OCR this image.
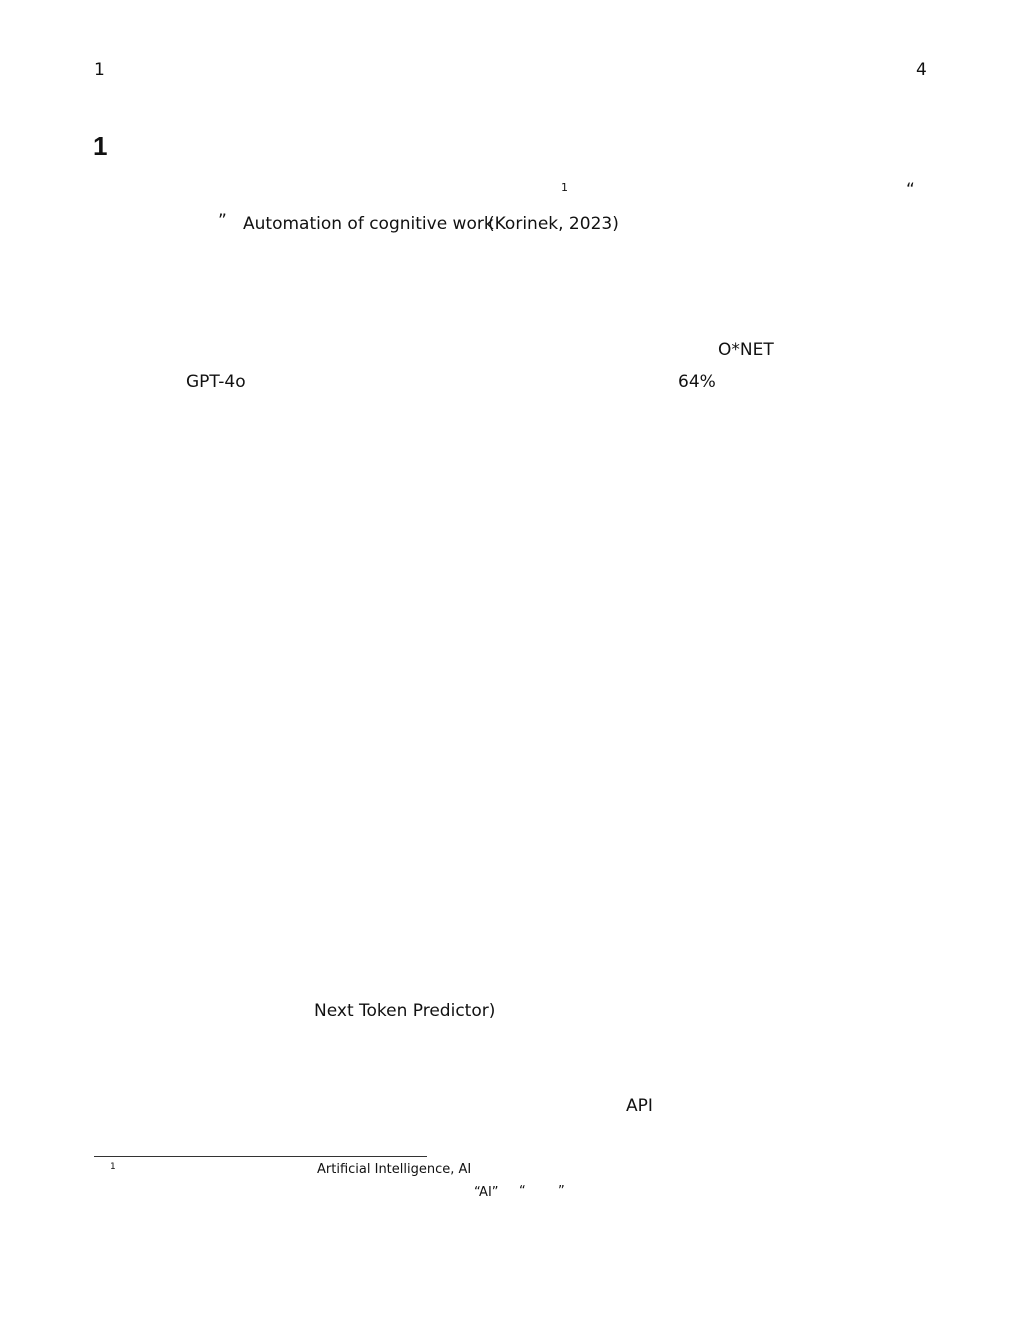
1	4
1
1	“
” Automation of cognitive work
(Korinek, 2023)
O*NET
GPT-4o	64%
Next Token Predictor)
API
1	Artificial Intelligence, AI
“AI” “ ”
